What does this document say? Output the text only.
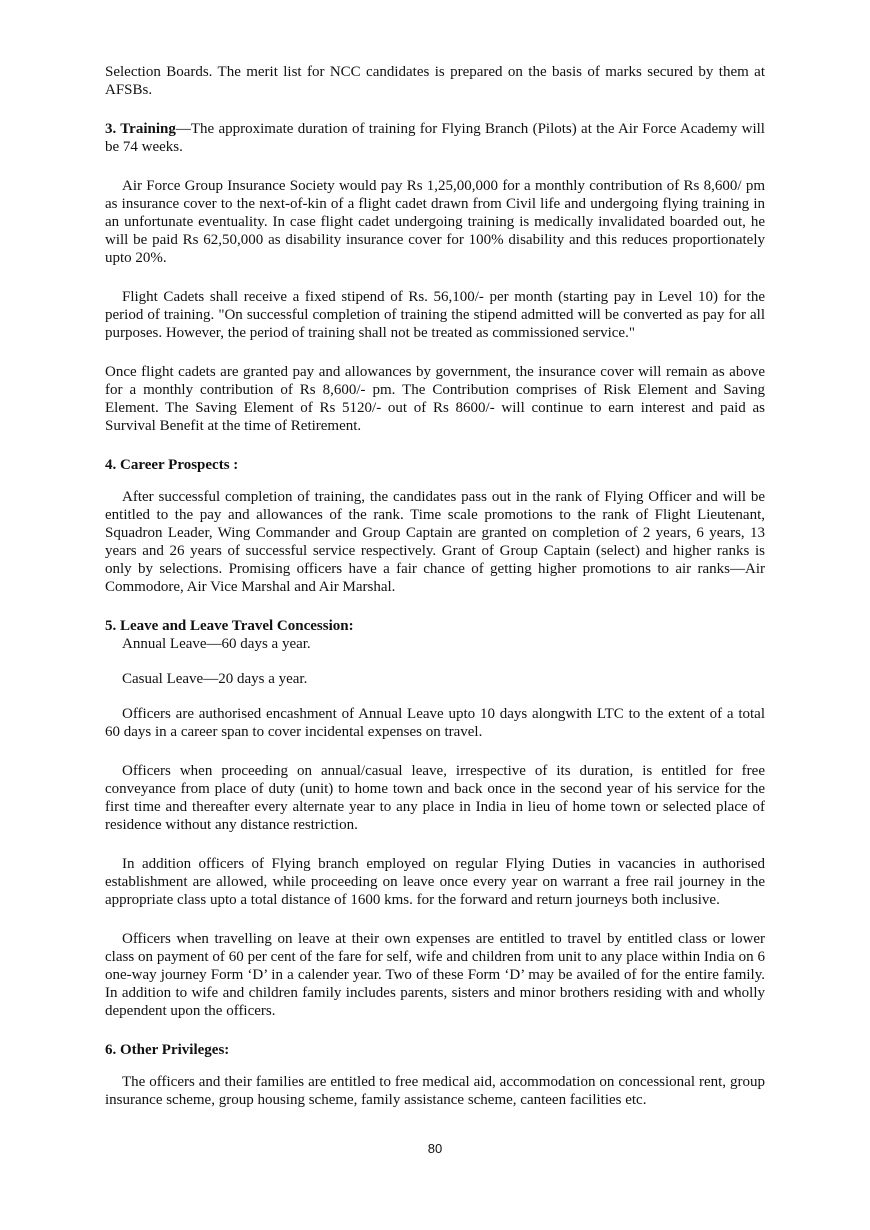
Selection Boards. The merit list for NCC candidates is prepared on the basis of marks secured by them at AFSBs.

3. Training—The approximate duration of training for Flying Branch (Pilots) at the Air Force Academy will be 74 weeks.

Air Force Group Insurance Society would pay Rs 1,25,00,000 for a monthly contribution of Rs 8,600/ pm as insurance cover to the next-of-kin of a flight cadet drawn from Civil life and undergoing flying training in an unfortunate eventuality. In case flight cadet undergoing training is medically invalidated boarded out, he will be paid Rs 62,50,000 as disability insurance cover for 100% disability and this reduces proportionately upto 20%.

Flight Cadets shall receive a fixed stipend of Rs. 56,100/- per month (starting pay in Level 10) for the period of training. "On successful completion of training the stipend admitted will be converted as pay for all purposes. However, the period of training shall not be treated as commissioned service."

Once flight cadets are granted pay and allowances by government, the insurance cover will remain as above for a monthly contribution of Rs 8,600/- pm. The Contribution comprises of Risk Element and Saving Element. The Saving Element of Rs 5120/- out of Rs 8600/- will continue to earn interest and paid as Survival Benefit at the time of Retirement.

4. Career Prospects :

After successful completion of training, the candidates pass out in the rank of Flying Officer and will be entitled to the pay and allowances of the rank. Time scale promotions to the rank of Flight Lieutenant, Squadron Leader, Wing Commander and Group Captain are granted on completion of 2 years, 6 years, 13 years and 26 years of successful service respectively. Grant of Group Captain (select) and higher ranks is only by selections. Promising officers have a fair chance of getting higher promotions to air ranks—Air Commodore, Air Vice Marshal and Air Marshal.

5. Leave and Leave Travel Concession:

Annual Leave—60 days a year.

Casual Leave—20 days a year.

Officers are authorised encashment of Annual Leave upto 10 days alongwith LTC to the extent of a total 60 days in a career span to cover incidental expenses on travel.

Officers when proceeding on annual/casual leave, irrespective of its duration, is entitled for free conveyance from place of duty (unit) to home town and back once in the second year of his service for the first time and thereafter every alternate year to any place in India in lieu of home town or selected place of residence without any distance restriction.

In addition officers of Flying branch employed on regular Flying Duties in vacancies in authorised establishment are allowed, while proceeding on leave once every year on warrant a free rail journey in the appropriate class upto a total distance of 1600 kms. for the forward and return journeys both inclusive.

Officers when travelling on leave at their own expenses are entitled to travel by entitled class or lower class on payment of 60 per cent of the fare for self, wife and children from unit to any place within India on 6 one-way journey Form ‘D’ in a calender year. Two of these Form ‘D’ may be availed of for the entire family. In addition to wife and children family includes parents, sisters and minor brothers residing with and wholly dependent upon the officers.

6. Other Privileges:

The officers and their families are entitled to free medical aid, accommodation on concessional rent, group insurance scheme, group housing scheme, family assistance scheme, canteen facilities etc.

80
